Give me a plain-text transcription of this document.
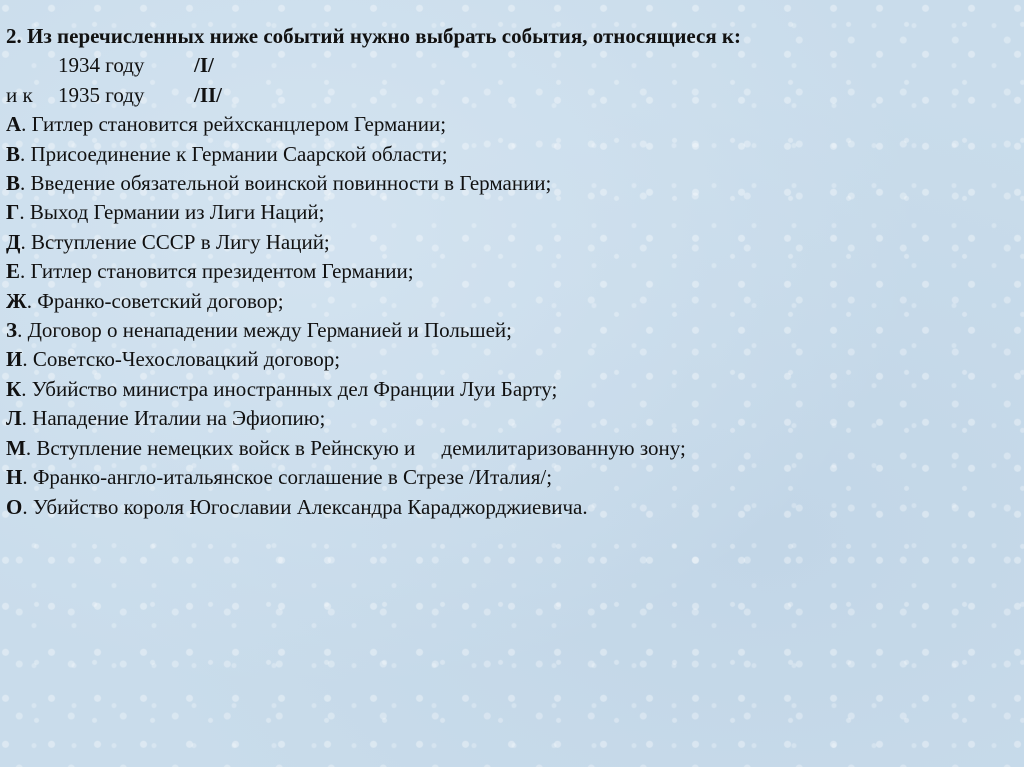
2. Из перечисленных ниже событий нужно выбрать события, относящиеся к:
1934 году /I/
и к 1935 году /II/
А. Гитлер становится рейхсканцлером Германии;
В. Присоединение к Германии Саарской области;
В. Введение обязательной воинской повинности в Германии;
Г. Выход Германии из Лиги Наций;
Д. Вступление СССР в Лигу Наций;
Е. Гитлер становится президентом Германии;
Ж. Франко-советский договор;
З. Договор о ненападении между Германией и Польшей;
И. Советско-Чехословацкий договор;
К. Убийство министра иностранных дел Франции Луи Барту;
Л. Нападение Италии на Эфиопию;
М. Вступление немецких войск в Рейнскую и     демилитаризованную зону;
Н. Франко-англо-итальянское соглашение в Стрезе /Италия/;
О. Убийство короля Югославии Александра Караджорджиевича.
